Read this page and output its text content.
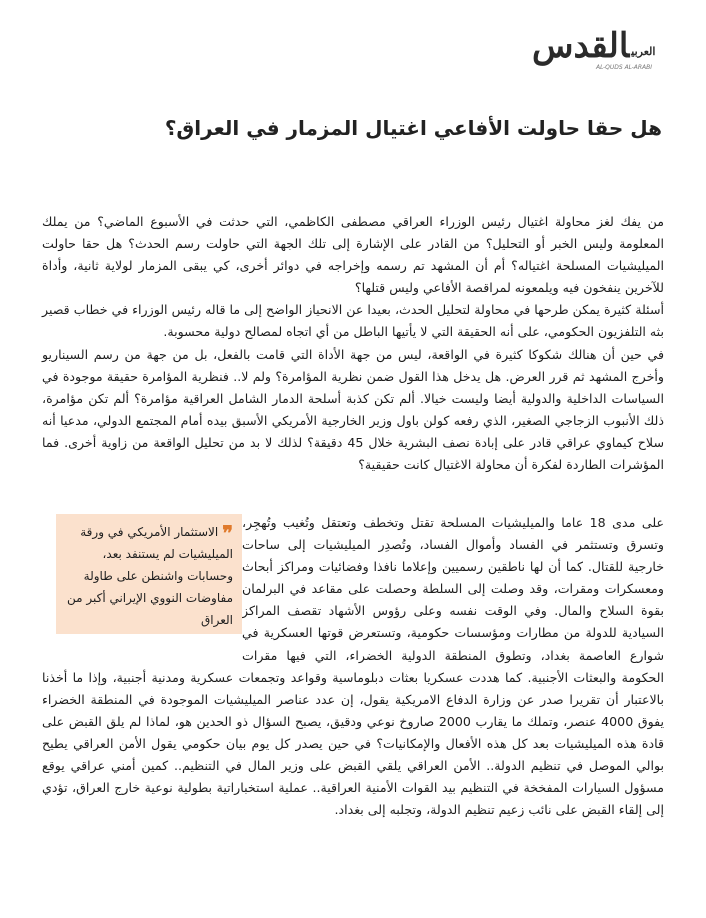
$^{العربي}$القدس
AL-QUDS AL-ARABI
هل حقا حاولت الأفاعي اغتيال المزمار في العراق؟

من يفك لغز محاولة اغتيال رئيس الوزراء العراقي مصطفى الكاظمي، التي حدثت في الأسبوع الماضي؟ من يملك المعلومة وليس الخبر أو التحليل؟ من القادر على الإشارة إلى تلك الجهة التي حاولت رسم الحدث؟ هل حقا حاولت الميليشيات المسلحة اغتياله؟ أم أن المشهد تم رسمه وإخراجه في دوائر أخرى، كي يبقى المزمار لولاية ثانية، وأداة للآخرين ينفخون فيه ويلمعونه لمراقصة الأفاعي وليس قتلها؟

أسئلة كثيرة يمكن طرحها في محاولة لتحليل الحدث، بعيدا عن الانحياز الواضح إلى ما قاله رئيس الوزراء في خطاب قصير بثه التلفزيون الحكومي، على أنه الحقيقة التي لا يأتيها الباطل من أي اتجاه لمصالح دولية محسوبة.

في حين أن هنالك شكوكا كثيرة في الواقعة، ليس من جهة الأداة التي قامت بالفعل، بل من جهة من رسم السيناريو وأخرج المشهد ثم قرر العرض. هل يدخل هذا القول ضمن نظرية المؤامرة؟ ولم لا.. فنظرية المؤامرة حقيقة موجودة في السياسات الداخلية والدولية أيضا وليست خيالا. ألم تكن كذبة أسلحة الدمار الشامل العراقية مؤامرة؟ ألم تكن مؤامرة، ذلك الأنبوب الزجاجي الصغير، الذي رفعه كولن باول وزير الخارجية الأمريكي الأسبق بيده أمام المجتمع الدولي، مدعيا أنه سلاح كيماوي عراقي قادر على إبادة نصف البشرية خلال 45 دقيقة؟ لذلك لا بد من تحليل الواقعة من زاوية أخرى. فما المؤشرات الطاردة لفكرة أن محاولة الاغتيال كانت حقيقية؟

على مدى 18 عاما والميليشيات المسلحة تقتل وتخطف وتعتقل وتُغيب وتُهجِر، وتسرق وتستثمر في الفساد وأموال الفساد، وتُصدِر الميليشيات إلى ساحات خارجية للقتال. كما أن لها ناطقين رسميين وإعلاما نافذا وفضائيات ومراكز أبحاث ومعسكرات ومقرات، وقد وصلت إلى السلطة وحصلت على مقاعد في البرلمان بقوة السلاح والمال. وفي الوقت نفسه وعلى رؤوس الأشهاد تقصف المراكز السيادية للدولة من مطارات ومؤسسات حكومية، وتستعرض قوتها العسكرية في شوارع العاصمة بغداد، وتطوق المنطقة الدولية الخضراء، التي فيها مقرات الحكومة والبعثات الأجنبية. كما هددت عسكريا بعثات دبلوماسية وقواعد وتجمعات عسكرية ومدنية أجنبية، وإذا ما أخذنا بالاعتبار أن تقريرا صدر عن وزارة الدفاع الامريكية يقول، إن عدد عناصر الميليشيات الموجودة في المنطقة الخضراء يفوق 4000 عنصر، وتملك ما يقارب 2000 صاروخ نوعي ودقيق، يصبح السؤال ذو الحدين هو، لماذا لم يلق القبض على قادة هذه الميليشيات بعد كل هذه الأفعال والإمكانيات؟ في حين يصدر كل يوم بيان حكومي يقول الأمن العراقي يطيح بوالي الموصل في تنظيم الدولة.. الأمن العراقي يلقي القبض على وزير المال في التنظيم.. كمين أمني عراقي يوقع مسؤول السيارات المفخخة في التنظيم بيد القوات الأمنية العراقية.. عملية استخباراتية بطولية نوعية خارج العراق، تؤدي إلى إلقاء القبض على نائب زعيم تنظيم الدولة، وتجلبه إلى بغداد.

❞الاستثمار الأمريكي في ورقة الميليشيات لم يستنفد بعد، وحسابات واشنطن على طاولة مفاوضات النووي الإيراني أكبر من العراق
